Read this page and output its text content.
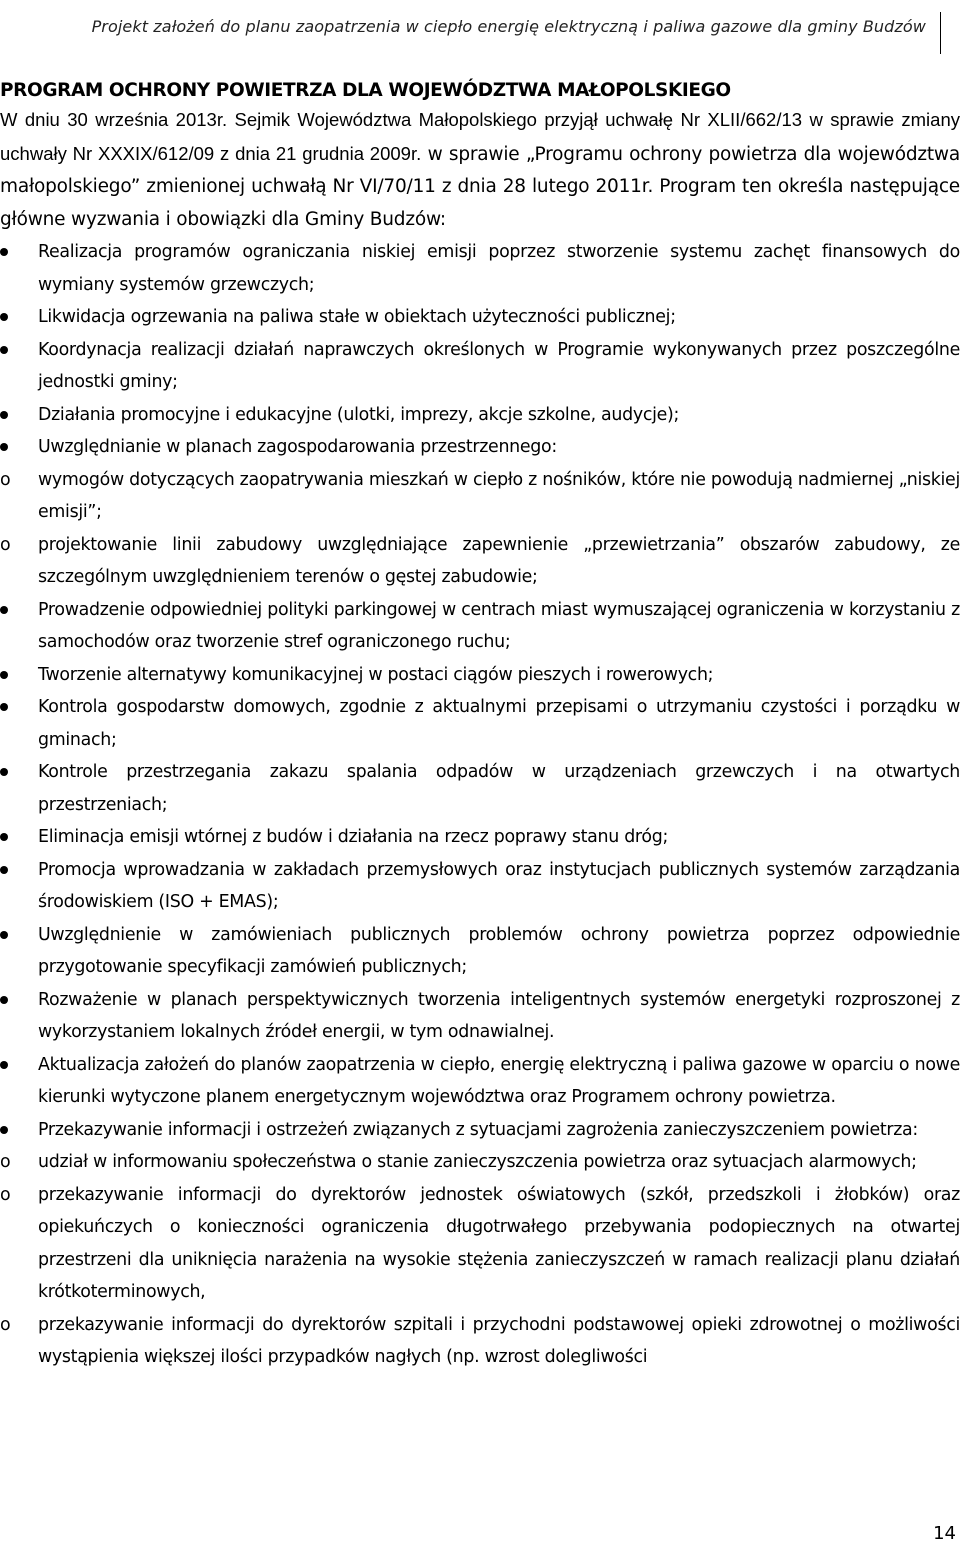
Projekt założeń do planu zaopatrzenia w ciepło energię elektryczną i paliwa gazowe dla gminy Budzów

PROGRAM OCHRONY POWIETRZA DLA WOJEWÓDZTWA MAŁOPOLSKIEGO

W dniu 30 września 2013r. Sejmik Województwa Małopolskiego przyjął uchwałę Nr XLII/662/13 w sprawie zmiany uchwały Nr XXXIX/612/09 z dnia 21 grudnia 2009r. w sprawie „Programu ochrony powietrza dla województwa małopolskiego” zmienionej uchwałą Nr VI/70/11 z dnia 28 lutego 2011r. Program ten określa następujące główne wyzwania i obowiązki dla Gminy Budzów:

Realizacja programów ograniczania niskiej emisji poprzez stworzenie systemu zachęt finansowych do wymiany systemów grzewczych;
Likwidacja ogrzewania na paliwa stałe w obiektach użyteczności publicznej;
Koordynacja realizacji działań naprawczych określonych w Programie wykonywanych przez poszczególne jednostki gminy;
Działania promocyjne i edukacyjne (ulotki, imprezy, akcje szkolne, audycje);
Uwzględnianie w planach zagospodarowania przestrzennego:
o wymogów dotyczących zaopatrywania mieszkań w ciepło z nośników, które nie powodują nadmiernej „niskiej emisji”;
o projektowanie linii zabudowy uwzględniające zapewnienie „przewietrzania” obszarów zabudowy, ze szczególnym uwzględnieniem terenów o gęstej zabudowie;
Prowadzenie odpowiedniej polityki parkingowej w centrach miast wymuszającej ograniczenia w korzystaniu z samochodów oraz tworzenie stref ograniczonego ruchu;
Tworzenie alternatywy komunikacyjnej w postaci ciągów pieszych i rowerowych;
Kontrola gospodarstw domowych, zgodnie z aktualnymi przepisami o utrzymaniu czystości i porządku w gminach;
Kontrole przestrzegania zakazu spalania odpadów w urządzeniach grzewczych i na otwartych przestrzeniach;
Eliminacja emisji wtórnej z budów i działania na rzecz poprawy stanu dróg;
Promocja wprowadzania w zakładach przemysłowych oraz instytucjach publicznych systemów zarządzania środowiskiem (ISO + EMAS);
Uwzględnienie w zamówieniach publicznych problemów ochrony powietrza poprzez odpowiednie przygotowanie specyfikacji zamówień publicznych;
Rozważenie w planach perspektywicznych tworzenia inteligentnych systemów energetyki rozproszonej z wykorzystaniem lokalnych źródeł energii, w tym odnawialnej.
Aktualizacja założeń do planów zaopatrzenia w ciepło, energię elektryczną i paliwa gazowe w oparciu o nowe kierunki wytyczone planem energetycznym województwa oraz Programem ochrony powietrza.
Przekazywanie informacji i ostrzeżeń związanych z sytuacjami zagrożenia zanieczyszczeniem powietrza:
o udział w informowaniu społeczeństwa o stanie zanieczyszczenia powietrza oraz sytuacjach alarmowych;
o przekazywanie informacji do dyrektorów jednostek oświatowych (szkół, przedszkoli i żłobków) oraz opiekuńczych o konieczności ograniczenia długotrwałego przebywania podopiecznych na otwartej przestrzeni dla uniknięcia narażenia na wysokie stężenia zanieczyszczeń w ramach realizacji planu działań krótkoterminowych,
o przekazywanie informacji do dyrektorów szpitali i przychodni podstawowej opieki zdrowotnej o możliwości wystąpienia większej ilości przypadków nagłych (np. wzrost dolegliwości
14
